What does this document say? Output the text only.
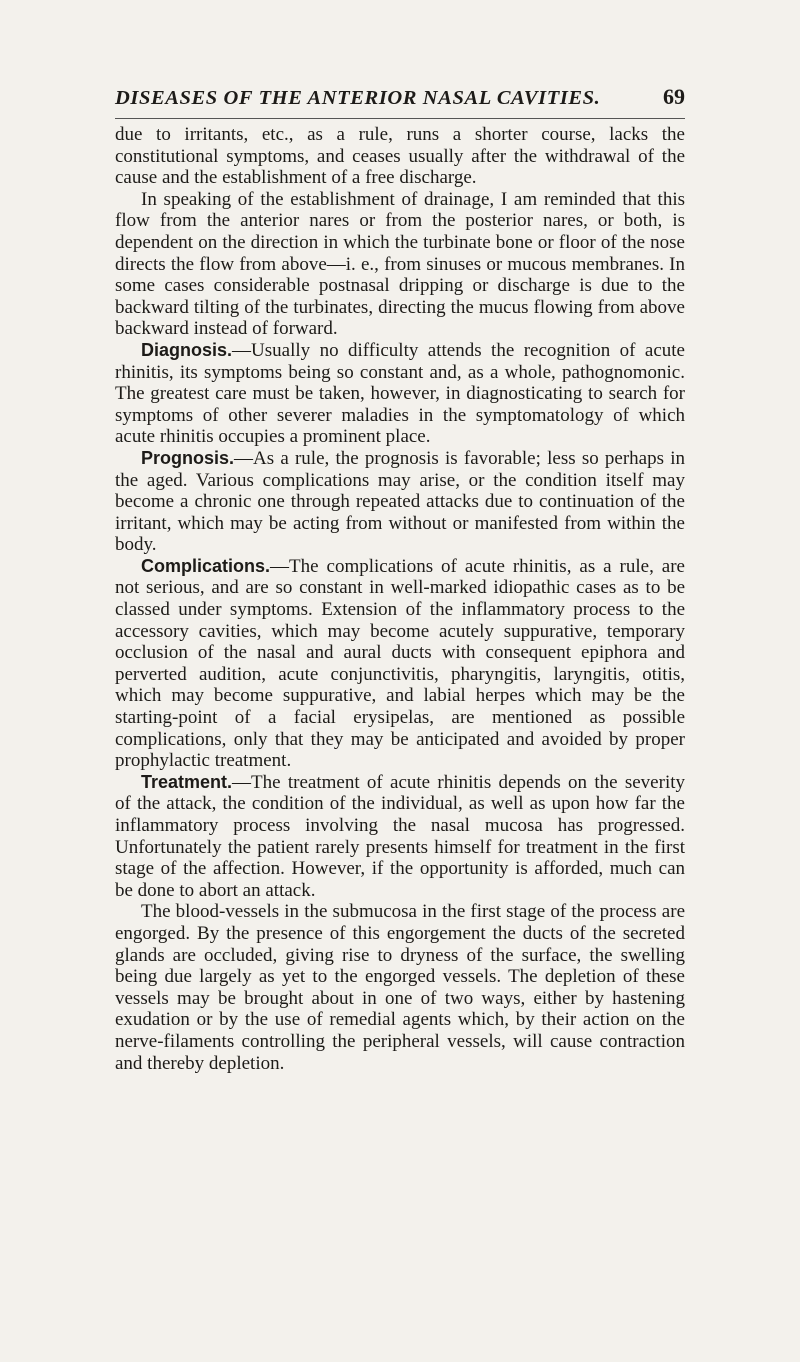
DISEASES OF THE ANTERIOR NASAL CAVITIES.	69

due to irritants, etc., as a rule, runs a shorter course, lacks the constitutional symptoms, and ceases usually after the withdrawal of the cause and the establishment of a free discharge.

In speaking of the establishment of drainage, I am reminded that this flow from the anterior nares or from the posterior nares, or both, is dependent on the direction in which the turbinate bone or floor of the nose directs the flow from above—i. e., from sinuses or mucous membranes. In some cases considerable postnasal dripping or discharge is due to the backward tilting of the turbinates, directing the mucus flowing from above backward instead of forward.

Diagnosis.—Usually no difficulty attends the recognition of acute rhinitis, its symptoms being so constant and, as a whole, pathognomonic. The greatest care must be taken, however, in diagnosticating to search for symptoms of other severer maladies in the symptomatology of which acute rhinitis occupies a prominent place.

Prognosis.—As a rule, the prognosis is favorable; less so perhaps in the aged. Various complications may arise, or the condition itself may become a chronic one through repeated attacks due to continuation of the irritant, which may be acting from without or manifested from within the body.

Complications.—The complications of acute rhinitis, as a rule, are not serious, and are so constant in well-marked idiopathic cases as to be classed under symptoms. Extension of the inflammatory process to the accessory cavities, which may become acutely suppurative, temporary occlusion of the nasal and aural ducts with consequent epiphora and perverted audition, acute conjunctivitis, pharyngitis, laryngitis, otitis, which may become suppurative, and labial herpes which may be the starting-point of a facial erysipelas, are mentioned as possible complications, only that they may be anticipated and avoided by proper prophylactic treatment.

Treatment.—The treatment of acute rhinitis depends on the severity of the attack, the condition of the individual, as well as upon how far the inflammatory process involving the nasal mucosa has progressed. Unfortunately the patient rarely presents himself for treatment in the first stage of the affection. However, if the opportunity is afforded, much can be done to abort an attack.

The blood-vessels in the submucosa in the first stage of the process are engorged. By the presence of this engorgement the ducts of the secreted glands are occluded, giving rise to dryness of the surface, the swelling being due largely as yet to the engorged vessels. The depletion of these vessels may be brought about in one of two ways, either by hastening exudation or by the use of remedial agents which, by their action on the nerve-filaments controlling the peripheral vessels, will cause contraction and thereby depletion.
